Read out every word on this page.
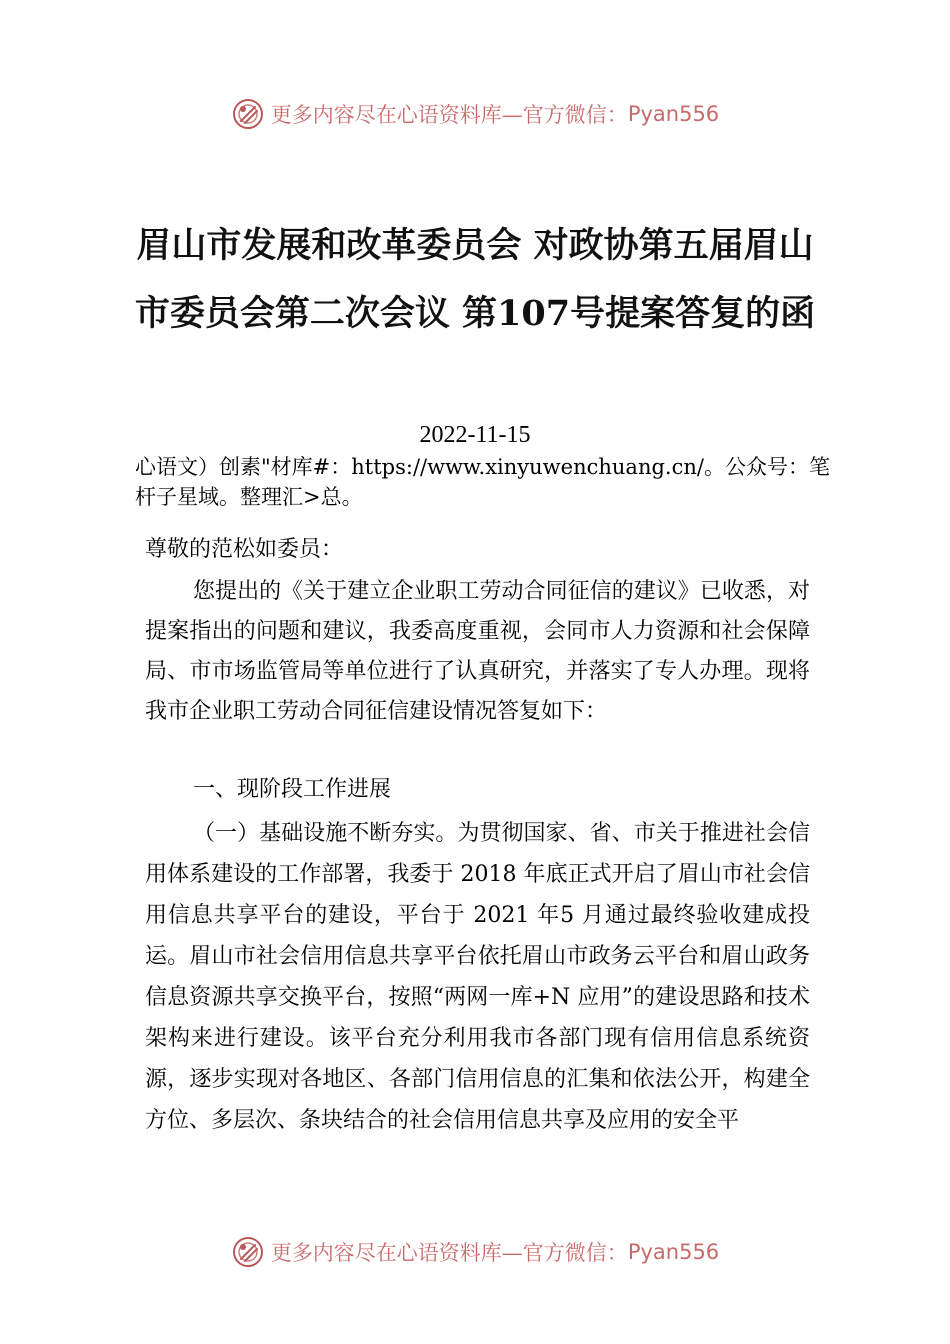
更多内容尽在心语资料库—官方微信： Pyan556
眉山市发展和改革委员会 对政协第五届眉山市委员会第二次会议 第107号提案答复的函
2022-11-15
心语文）创素"材库#：https://www.xinyuwenchuang.cn/。公众号：笔杆子星域。整理汇>总。
尊敬的范松如委员：
您提出的《关于建立企业职工劳动合同征信的建议》已收悉，对提案指出的问题和建议，我委高度重视，会同市人力资源和社会保障局、市市场监管局等单位进行了认真研究，并落实了专人办理。现将我市企业职工劳动合同征信建设情况答复如下：
一、现阶段工作进展
（一）基础设施不断夯实。为贯彻国家、省、市关于推进社会信用体系建设的工作部署，我委于 2018 年底正式开启了眉山市社会信用信息共享平台的建设，平台于 2021 年5 月通过最终验收建成投运。眉山市社会信用信息共享平台依托眉山市政务云平台和眉山政务信息资源共享交换平台，按照“两网一库+N 应用”的建设思路和技术架构来进行建设。该平台充分利用我市各部门现有信用信息系统资源，逐步实现对各地区、各部门信用信息的汇集和依法公开，构建全方位、多层次、条块结合的社会信用信息共享及应用的安全平
更多内容尽在心语资料库—官方微信： Pyan556
